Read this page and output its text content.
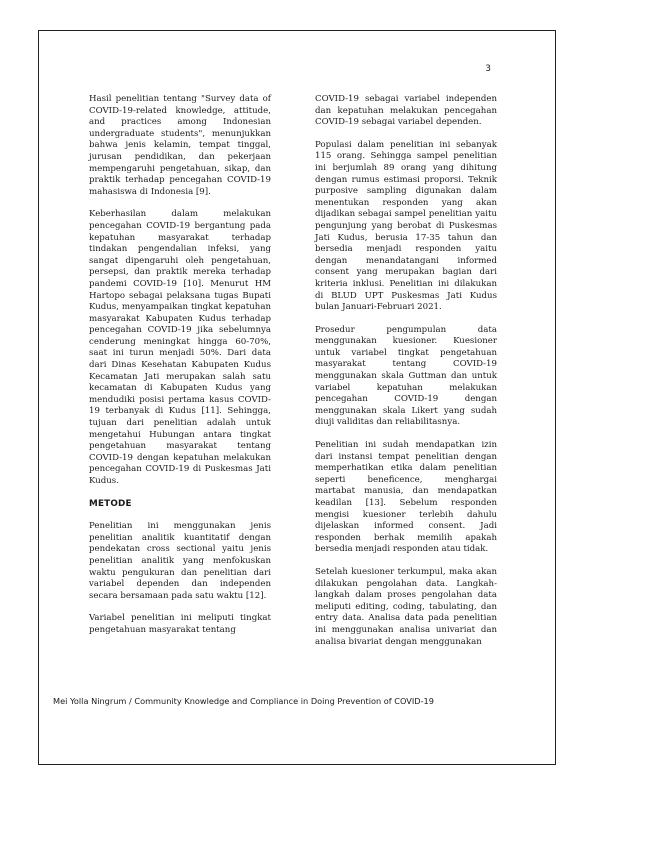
3

Hasil penelitian tentang "Survey data of COVID-19-related knowledge, attitude, and practices among Indonesian undergraduate students", menunjukkan bahwa jenis kelamin, tempat tinggal, jurusan pendidikan, dan pekerjaan mempengaruhi pengetahuan, sikap, dan praktik terhadap pencegahan COVID-19 mahasiswa di Indonesia [9].

Keberhasilan dalam melakukan pencegahan COVID-19 bergantung pada kepatuhan masyarakat terhadap tindakan pengendalian infeksi, yang sangat dipengaruhi oleh pengetahuan, persepsi, dan praktik mereka terhadap pandemi COVID-19 [10]. Menurut HM Hartopo sebagai pelaksana tugas Bupati Kudus, menyampaikan tingkat kepatuhan masyarakat Kabupaten Kudus terhadap pencegahan COVID-19 jika sebelumnya cenderung meningkat hingga 60-70%, saat ini turun menjadi 50%. Dari data dari Dinas Kesehatan Kabupaten Kudus Kecamatan Jati merupakan salah satu kecamatan di Kabupaten Kudus yang mendudiki posisi pertama kasus COVID-19 terbanyak di Kudus [11]. Sehingga, tujuan dari penelitian adalah untuk mengetahui Hubungan antara tingkat pengetahuan masyarakat tentang COVID-19 dengan kepatuhan melakukan pencegahan COVID-19 di Puskesmas Jati Kudus.

METODE

Penelitian ini menggunakan jenis penelitian analitik kuantitatif dengan pendekatan cross sectional yaitu jenis penelitian analitik yang menfokuskan waktu pengukuran dan penelitian dari variabel dependen dan independen secara bersamaan pada satu waktu [12].

Variabel penelitian ini meliputi tingkat pengetahuan masyarakat tentang

COVID-19 sebagai variabel independen dan kepatuhan melakukan pencegahan COVID-19 sebagai variabel dependen.

Populasi dalam penelitian ini sebanyak 115 orang. Sehingga sampel penelitian ini berjumlah 89 orang yang dihitung dengan rumus estimasi proporsi. Teknik purposive sampling digunakan dalam menentukan responden yang akan dijadikan sebagai sampel penelitian yaitu pengunjung yang berobat di Puskesmas Jati Kudus, berusia 17-35 tahun dan bersedia menjadi responden yaitu dengan menandatangani informed consent yang merupakan bagian dari kriteria inklusi. Penelitian ini dilakukan di BLUD UPT Puskesmas Jati Kudus bulan Januari-Februari 2021.

Prosedur pengumpulan data menggunakan kuesioner. Kuesioner untuk variabel tingkat pengetahuan masyarakat tentang COVID-19 menggunakan skala Guttman dan untuk variabel kepatuhan melakukan pencegahan COVID-19 dengan menggunakan skala Likert yang sudah diuji validitas dan reliabilitasnya.

Penelitian ini sudah mendapatkan izin dari instansi tempat penelitian dengan memperhatikan etika dalam penelitian seperti beneficence, menghargai martabat manusia, dan mendapatkan keadilan [13]. Sebelum responden mengisi kuesioner terlebih dahulu dijelaskan informed consent. Jadi responden berhak memilih apakah bersedia menjadi responden atau tidak.

Setelah kuesioner terkumpul, maka akan dilakukan pengolahan data. Langkah-langkah dalam proses pengolahan data meliputi editing, coding, tabulating, dan entry data. Analisa data pada penelitian ini menggunakan analisa univariat dan analisa bivariat dengan menggunakan

Mei Yolla Ningrum / Community Knowledge and Compliance in Doing Prevention of COVID-19
